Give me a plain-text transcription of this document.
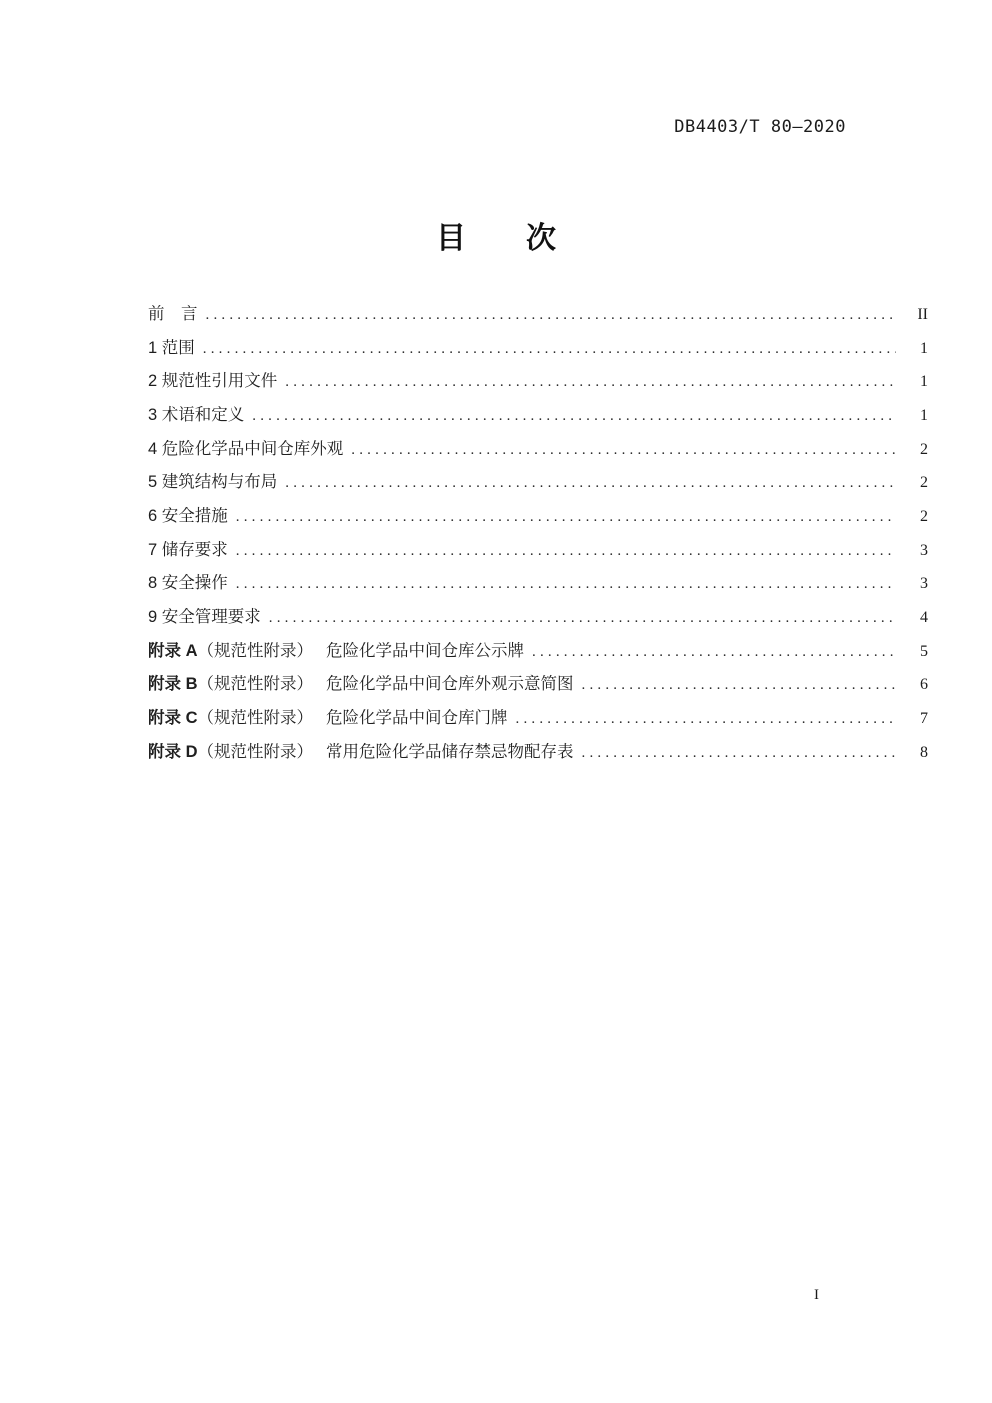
DB4403/T 80—2020
目　　次
前　言 .....	II
1 范围 .....	1
2 规范性引用文件 .....	1
3 术语和定义 .....	1
4 危险化学品中间仓库外观 .....	2
5 建筑结构与布局 .....	2
6 安全措施 .....	2
7 储存要求 .....	3
8 安全操作 .....	3
9 安全管理要求 .....	4
附录 A （规范性附录） 危险化学品中间仓库公示牌 .....	5
附录 B （规范性附录） 危险化学品中间仓库外观示意简图 .....	6
附录 C （规范性附录） 危险化学品中间仓库门牌 .....	7
附录 D （规范性附录） 常用危险化学品储存禁忌物配存表 .....	8
I
